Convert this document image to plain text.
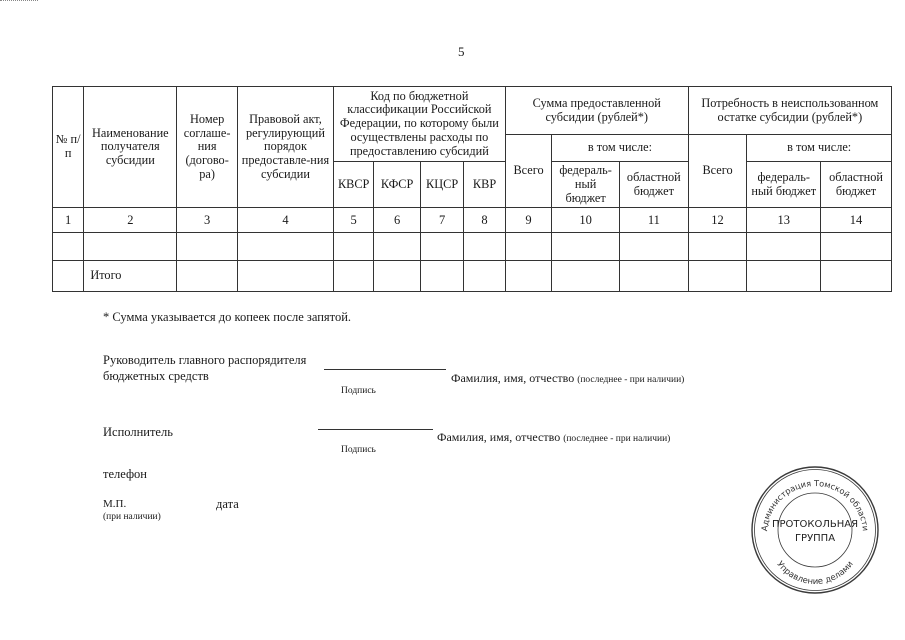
5
№ п/п	Наименование получателя субсидии	Номер соглаше-ния (догово-ра)	Правовой акт, регулирующий порядок предоставле-ния субсидии	Код по бюджетной классификации Российской Федерации, по которому были осуществлены расходы по предоставлению субсидий				Сумма предоставленной субсидии (рублей*)			Потребность в неиспользованном остатке субсидии (рублей*)		
								Всего	в том числе:		Всего	в том числе:	
				КВСР	КФСР	КЦСР	КВР		федераль-ный бюджет	областной бюджет		федераль-ный бюджет	областной бюджет
1	2	3	4	5	6	7	8	9	10	11	12	13	14

	Итого												
* Сумма указывается до копеек после запятой.
Руководитель главного распорядителя бюджетных средств
Подпись
Фамилия, имя, отчество (последнее - при наличии)
Исполнитель
Подпись
Фамилия, имя, отчество (последнее - при наличии)
телефон
М.П.
(при наличии)
дата
Администрация Томской области
Управление делами
ПРОТОКОЛЬНАЯ
ГРУППА
